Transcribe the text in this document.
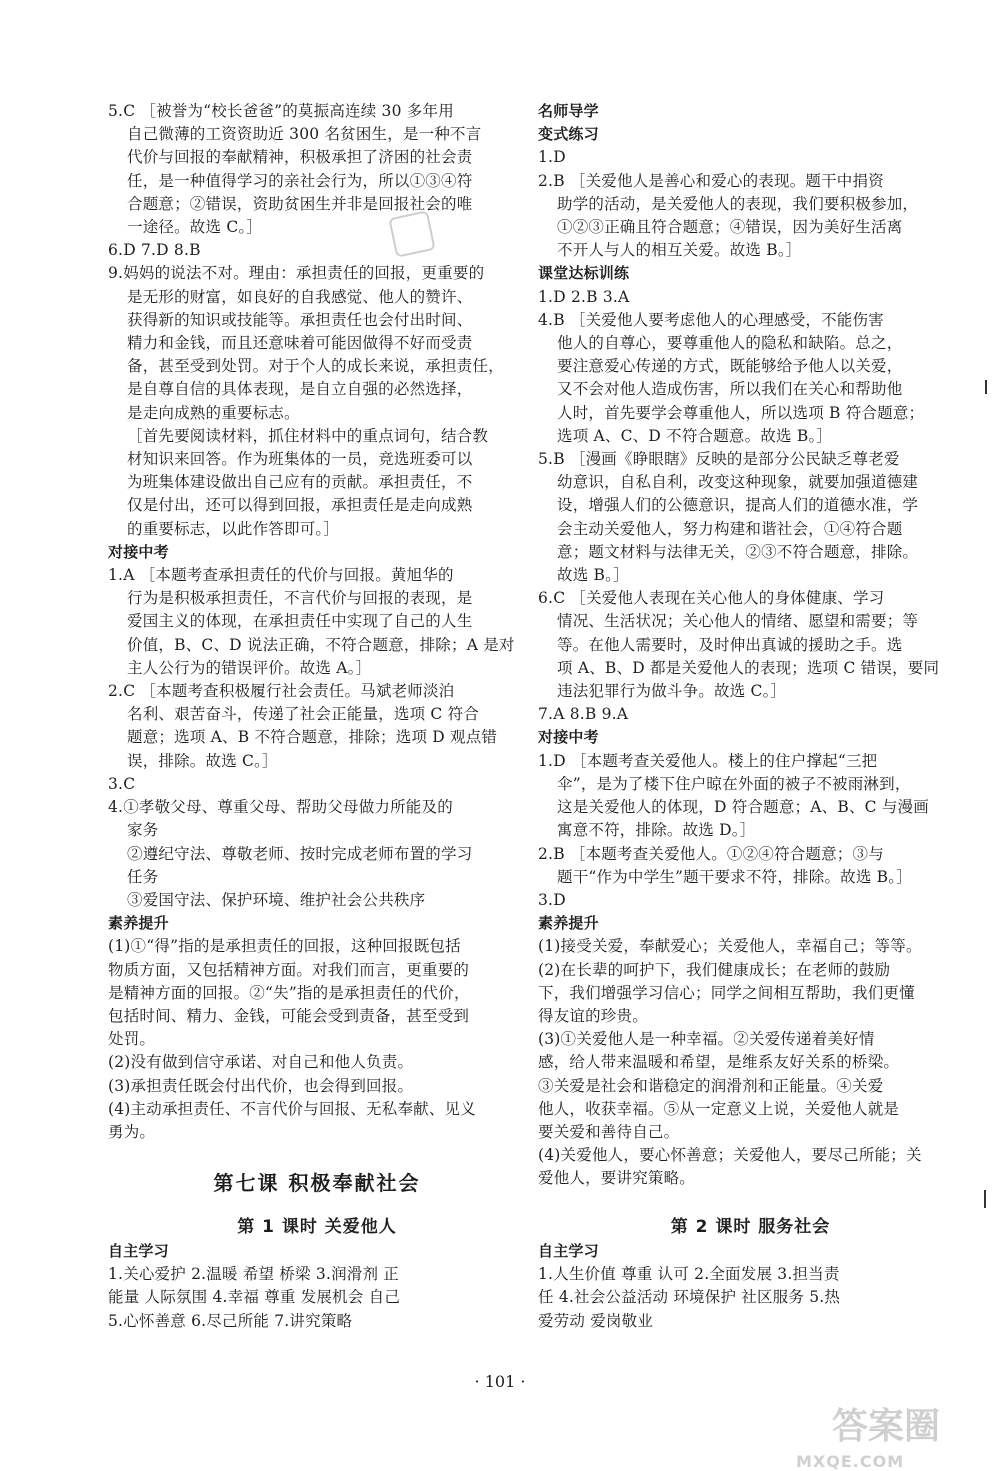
5.C ［被誉为“校长爸爸”的莫振高连续 30 多年用
自己微薄的工资资助近 300 名贫困生，是一种不言
代价与回报的奉献精神，积极承担了济困的社会责
任，是一种值得学习的亲社会行为，所以①③④符
合题意；②错误，资助贫困生并非是回报社会的唯
一途径。故选 C。］
6.D 7.D 8.B
9.妈妈的说法不对。理由：承担责任的回报，更重要的
是无形的财富，如良好的自我感觉、他人的赞许、
获得新的知识或技能等。承担责任也会付出时间、
精力和金钱，而且还意味着可能因做得不好而受责
备，甚至受到处罚。对于个人的成长来说，承担责任，
是自尊自信的具体表现，是自立自强的必然选择，
是走向成熟的重要标志。
［首先要阅读材料，抓住材料中的重点词句，结合教
材知识来回答。作为班集体的一员，竞选班委可以
为班集体建设做出自己应有的贡献。承担责任，不
仅是付出，还可以得到回报，承担责任是走向成熟
的重要标志，以此作答即可。］
对接中考
1.A ［本题考查承担责任的代价与回报。黄旭华的
行为是积极承担责任，不言代价与回报的表现，是
爱国主义的体现，在承担责任中实现了自己的人生
价值，B、C、D 说法正确，不符合题意，排除；A 是对
主人公行为的错误评价。故选 A。］
2.C ［本题考查积极履行社会责任。马斌老师淡泊
名利、艰苦奋斗，传递了社会正能量，选项 C 符合
题意；选项 A、B 不符合题意，排除；选项 D 观点错
误，排除。故选 C。］
3.C
4.①孝敬父母、尊重父母、帮助父母做力所能及的
家务
②遵纪守法、尊敬老师、按时完成老师布置的学习
任务
③爱国守法、保护环境、维护社会公共秩序
素养提升
(1)①“得”指的是承担责任的回报，这种回报既包括
物质方面，又包括精神方面。对我们而言，更重要的
是精神方面的回报。②“失”指的是承担责任的代价，
包括时间、精力、金钱，可能会受到责备，甚至受到
处罚。
(2)没有做到信守承诺、对自己和他人负责。
(3)承担责任既会付出代价，也会得到回报。
(4)主动承担责任、不言代价与回报、无私奉献、见义
勇为。
名师导学
变式练习
1.D
2.B ［关爱他人是善心和爱心的表现。题干中捐资
助学的活动，是关爱他人的表现，我们要积极参加，
①②③正确且符合题意；④错误，因为美好生活离
不开人与人的相互关爱。故选 B。］
课堂达标训练
1.D 2.B 3.A
4.B ［关爱他人要考虑他人的心理感受，不能伤害
他人的自尊心，要尊重他人的隐私和缺陷。总之，
要注意爱心传递的方式，既能够给予他人以关爱，
又不会对他人造成伤害，所以我们在关心和帮助他
人时，首先要学会尊重他人，所以选项 B 符合题意；
选项 A、C、D 不符合题意。故选 B。］
5.B ［漫画《睁眼瞎》反映的是部分公民缺乏尊老爱
幼意识，自私自利，改变这种现象，就要加强道德建
设，增强人们的公德意识，提高人们的道德水准，学
会主动关爱他人，努力构建和谐社会，①④符合题
意；题文材料与法律无关，②③不符合题意，排除。
故选 B。］
6.C ［关爱他人表现在关心他人的身体健康、学习
情况、生活状况；关心他人的情绪、愿望和需要；等
等。在他人需要时，及时伸出真诚的援助之手。选
项 A、B、D 都是关爱他人的表现；选项 C 错误，要同
违法犯罪行为做斗争。故选 C。］
7.A 8.B 9.A
对接中考
1.D ［本题考查关爱他人。楼上的住户撑起“三把
伞”，是为了楼下住户晾在外面的被子不被雨淋到，
这是关爱他人的体现，D 符合题意；A、B、C 与漫画
寓意不符，排除。故选 D。］
2.B ［本题考查关爱他人。①②④符合题意；③与
题干“作为中学生”题干要求不符，排除。故选 B。］
3.D
素养提升
(1)接受关爱，奉献爱心；关爱他人，幸福自己；等等。
(2)在长辈的呵护下，我们健康成长；在老师的鼓励
下，我们增强学习信心；同学之间相互帮助，我们更懂
得友谊的珍贵。
(3)①关爱他人是一种幸福。②关爱传递着美好情
感，给人带来温暖和希望，是维系友好关系的桥梁。
③关爱是社会和谐稳定的润滑剂和正能量。④关爱
他人，收获幸福。⑤从一定意义上说，关爱他人就是
要关爱和善待自己。
(4)关爱他人，要心怀善意；关爱他人，要尽己所能；关
爱他人，要讲究策略。
第七课 积极奉献社会
第 1 课时 关爱他人	第 2 课时 服务社会
自主学习
1.关心爱护 2.温暖 希望 桥梁 3.润滑剂 正
能量 人际氛围 4.幸福 尊重 发展机会 自己
5.心怀善意 6.尽己所能 7.讲究策略
自主学习
1.人生价值 尊重 认可 2.全面发展 3.担当责
任 4.社会公益活动 环境保护 社区服务 5.热
爱劳动 爱岗敬业
· 101 ·
答案圈
MXQE.COM
